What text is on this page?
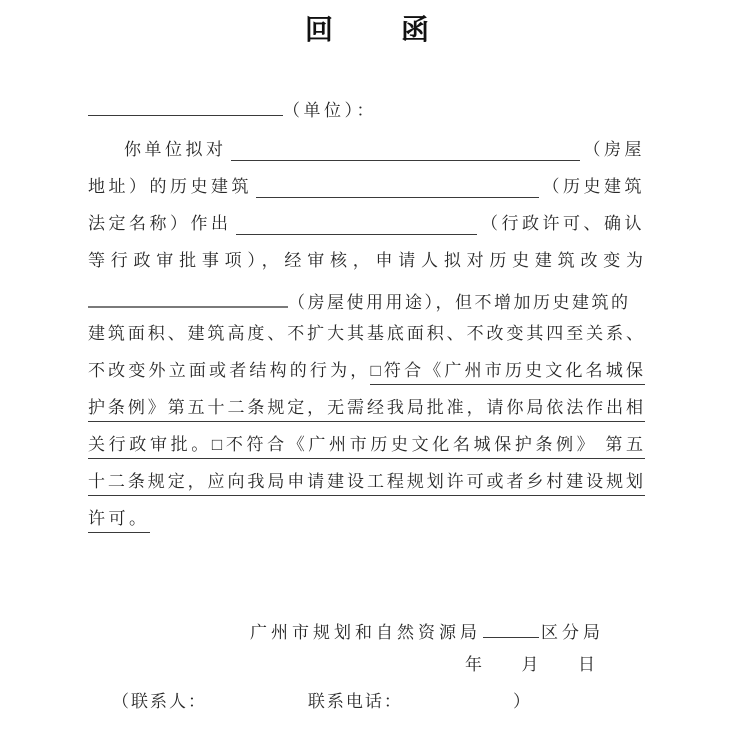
回　函
（单位）：
你单位拟对	（房屋
地址）的历史建筑	（历史建筑
法定名称）作出	（行政许可、确认
等行政审批事项），经审核，申请人拟对历史建筑改变为
（房屋使用用途），但不增加历史建筑的
建筑面积、建筑高度、不扩大其基底面积、不改变其四至关系、
不改变外立面或者结构的行为，□符合《广州市历史文化名城保
护条例》第五十二条规定，无需经我局批准，请你局依法作出相
关行政审批。□不符合《广州市历史文化名城保护条例》 第五
十二条规定，应向我局申请建设工程规划许可或者乡村建设规划
许可。
广州市规划和自然资源局	区分局
年 月 日
（联系人：	联系电话：	）
